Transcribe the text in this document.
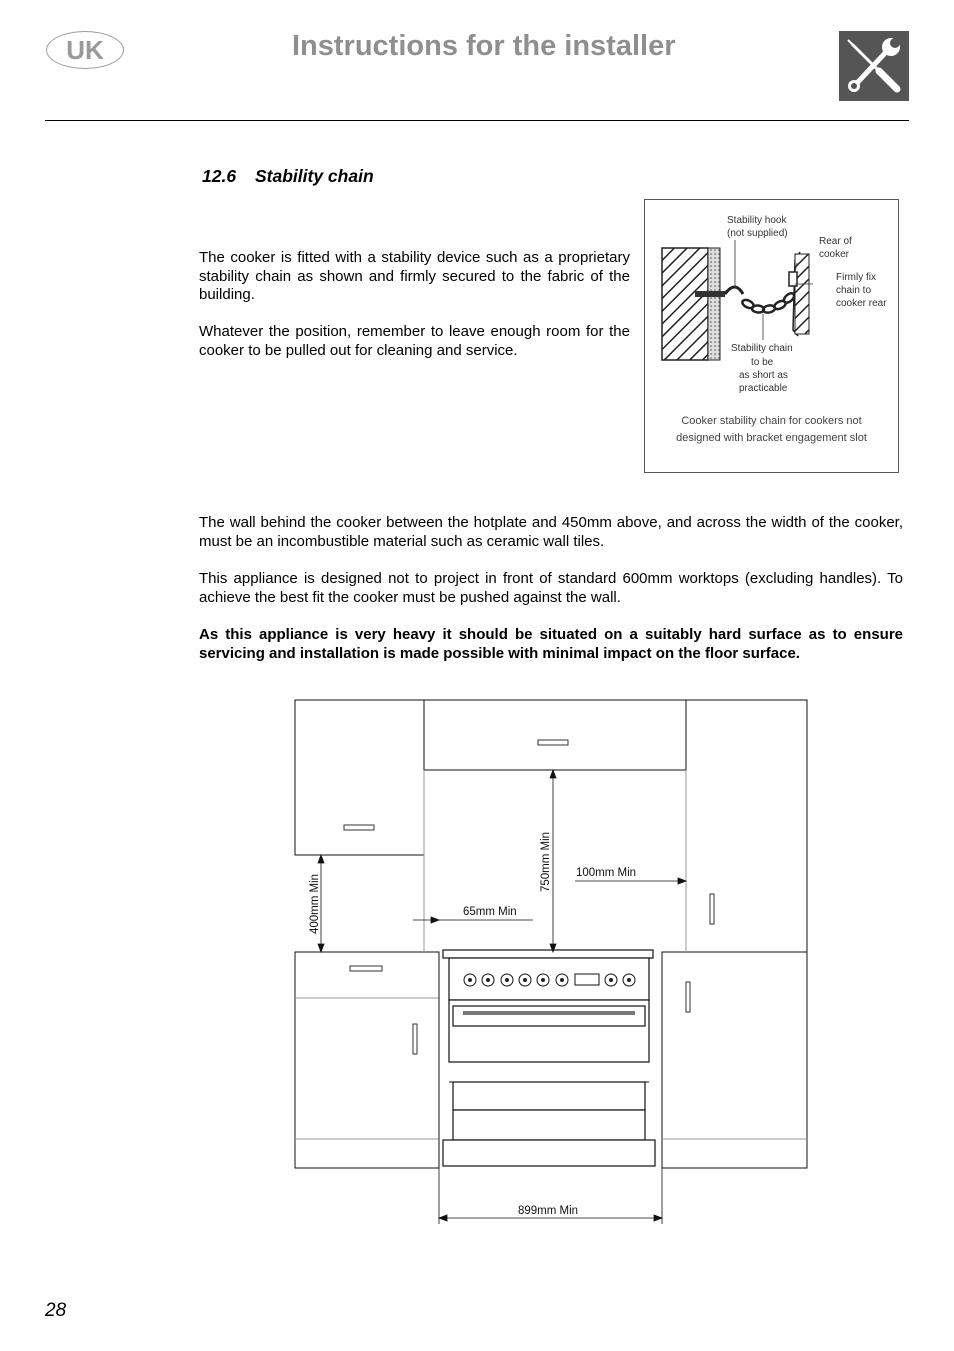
UK	Instructions for the installer
12.6 Stability chain
The cooker is fitted with a stability device such as a proprietary stability chain as shown and firmly secured to the fabric of the building.
Whatever the position, remember to leave enough room for the cooker to be pulled out for cleaning and service.
The wall behind the cooker between the hotplate and 450mm above, and across the width of the cooker, must be an incombustible material such as ceramic wall tiles.
This appliance is designed not to project in front of standard 600mm worktops (excluding handles). To achieve the best fit the cooker must be pushed against the wall.
As this appliance is very heavy it should be situated on a suitably hard surface as to ensure servicing and installation is made possible with minimal impact on the floor surface.
Stability hook
(not supplied)
Rear of
cooker
Firmly fix
chain to
cooker rear
Stability chain
to be
as short as
practicable
Cooker stability chain for cookers not
designed with bracket engagement slot
750mm Min 100mm Min
400mm Min	65mm Min
899mm Min
28
